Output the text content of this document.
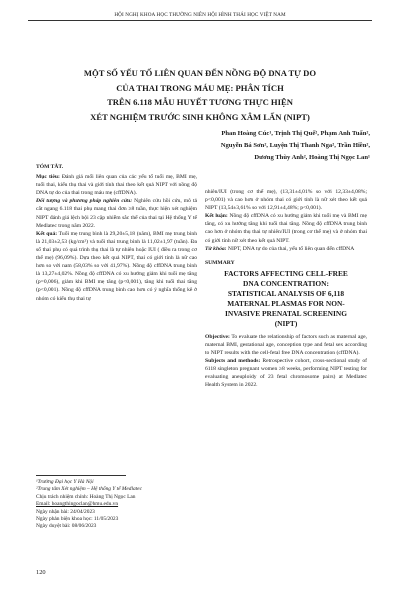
HỘI NGHỊ KHOA HỌC THƯỜNG NIÊN HỘI HÌNH THÁI HỌC VIỆT NAM
MỘT SỐ YẾU TỐ LIÊN QUAN ĐẾN NỒNG ĐỘ DNA TỰ DO
CỦA THAI TRONG MÁU MẸ: PHÂN TÍCH
TRÊN 6.118 MẪU HUYẾT TƯƠNG THỰC HIỆN
XÉT NGHIỆM TRƯỚC SINH KHÔNG XÂM LẤN (NIPT)
Phan Hoàng Cúc¹, Trịnh Thị Quế², Phạm Anh Tuấn²,
Nguyễn Bá Sơn², Luyện Thị Thanh Nga², Trần Hiền²,
Dương Thùy Anh², Hoàng Thị Ngọc Lan¹
TÓM TẮT.

Mục tiêu: Đánh giá mối liên quan của các yếu tố tuổi mẹ, BMI mẹ, tuổi thai, kiểu thụ thai và giới tính thai theo kết quả NIPT với nồng độ DNA tự do của thai trong máu mẹ (cffDNA).

Đối tượng và phương pháp nghiên cứu: Nghiên cứu hồi cứu, mô tả cắt ngang 6.118 thai phụ mang thai đơn ≥8 tuần, thực hiện xét nghiệm NIPT đánh giá lệch bội 23 cặp nhiễm sắc thể của thai tại Hệ thống Y tế Medlatec trong năm 2022.

Kết quả: Tuổi mẹ trung bình là 29,20±5,18 (năm), BMI mẹ trung bình là 21,03±2,53 (kg/cm²) và tuổi thai trung bình là 11,02±1,97 (tuần). Đa số thai phụ có quá trình thụ thai là tự nhiên hoặc IUI ( điều ra trong cơ thể mẹ) (96,09%). Dựa theo kết quả NIPT, thai có giới tính là nữ cao hơn so với nam (58,03% so với 41,97%). Nồng độ cffDNA trung bình là 13,27±4,02%. Nồng độ cffDNA có xu hướng giảm khi tuổi mẹ tăng (p=0,006), giảm khi BMI mẹ tăng (p<0,001), tăng khi tuổi thai tăng (p<0,001). Nồng độ cffDNA trung bình cao hơn có ý nghĩa thống kê ở nhóm có kiểu thụ thai tự

¹Trường Đại học Y Hà Nội
²Trung tâm Xét nghiệm – Hệ thống Y tế Medlatec
Chịu trách nhiệm chính: Hoàng Thị Ngọc Lan
Email: hoangthingoclan@hmu.edu.vn
Ngày nhận bài: 24/04/2023
Ngày phản biện khoa học: 11/05/2023
Ngày duyệt bài: 08/06/2023
120

nhiên/IUI (trong cơ thể mẹ), (13,31±4,01% so với 12,33±4,08%; p<0,001) và cao hơn ở nhóm thai có giới tính là nữ xét theo kết quả NIPT (13,54±3,61% so với 12,91±4,48%; p<0,001).

Kết luận: Nồng độ cffDNA có xu hướng giảm khi tuổi mẹ và BMI mẹ tăng, có xu hướng tăng khi tuổi thai tăng. Nồng độ cffDNA trung bình cao hơn ở nhóm thụ thai tự nhiên/IUI (trong cơ thể mẹ) và ở nhóm thai có giới tính nữ xét theo kết quả NIPT.

Từ khóa: NIPT, DNA tự do của thai, yếu tố liên quan đến cffDNA

SUMMARY
FACTORS AFFECTING CELL-FREE
DNA CONCENTRATION:
STATISTICAL ANALYSIS OF 6,118
MATERNAL PLASMAS FOR NON-
INVASIVE PRENATAL SCREENING
(NIPT)

Objective: To evaluate the relationship of factors such as maternal age, maternal BMI, gestational age, conception type and fetal sex according to NIPT results with the cell-fetal free DNA concentration (cffDNA).

Subjects and methods: Retrospective cohort, cross-sectional study of 6118 singleton pregnant women ≥8 weeks, performing NIPT testing for evaluating aneuploidy of 23 fetal chromosome pairs) at Medlatec Health System in 2022.
